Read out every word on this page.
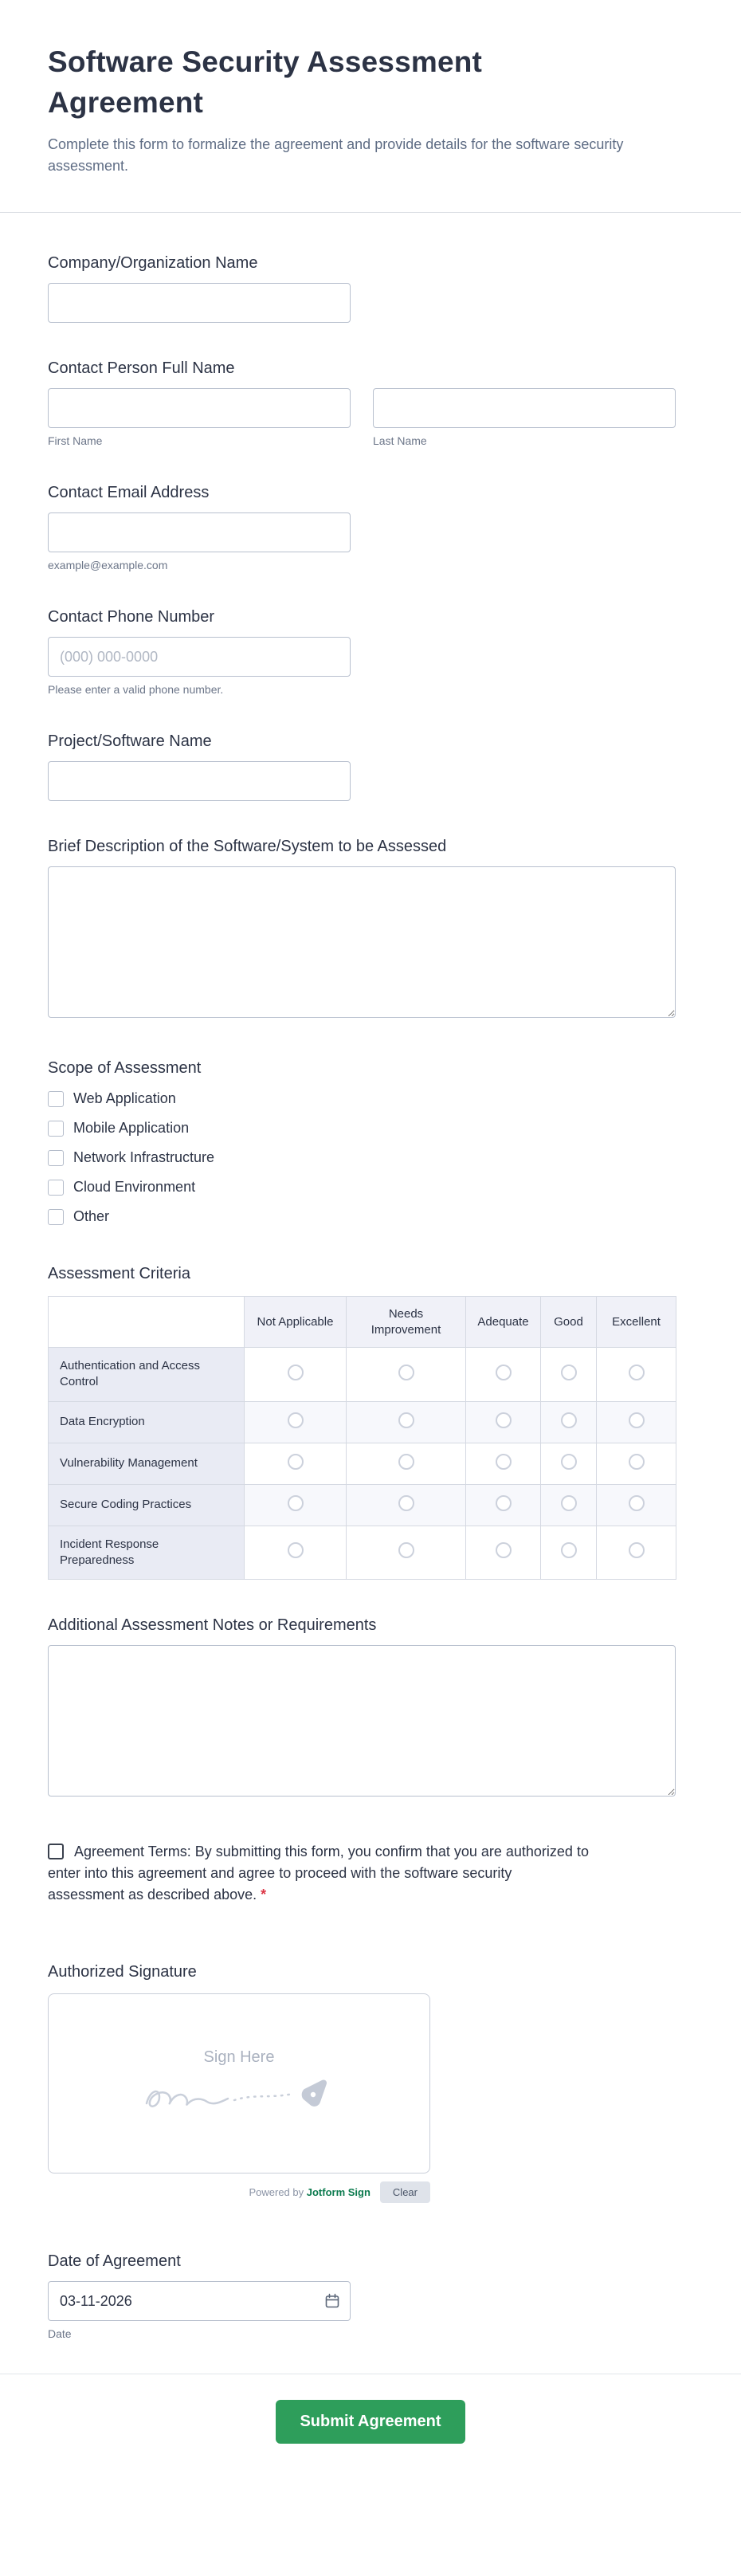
Software Security Assessment Agreement

Complete this form to formalize the agreement and provide details for the software security assessment.

Company/Organization Name
Contact Person Full Name
First Name	Last Name
Contact Email Address
example@example.com
Contact Phone Number
(000) 000-0000
Please enter a valid phone number.
Project/Software Name
Brief Description of the Software/System to be Assessed
Scope of Assessment
Web Application
Mobile Application
Network Infrastructure
Cloud Environment
Other
Assessment Criteria
	Not Applicable	Needs Improvement	Adequate	Good	Excellent
Authentication and Access Control					
Data Encryption					
Vulnerability Management					
Secure Coding Practices					
Incident Response Preparedness					
Additional Assessment Notes or Requirements

Agreement Terms: By submitting this form, you confirm that you are authorized to enter into this agreement and agree to proceed with the software security assessment as described above. *

Authorized Signature
Sign Here
Powered by Jotform Sign	Clear
Date of Agreement
03-11-2026
Date
Submit Agreement
